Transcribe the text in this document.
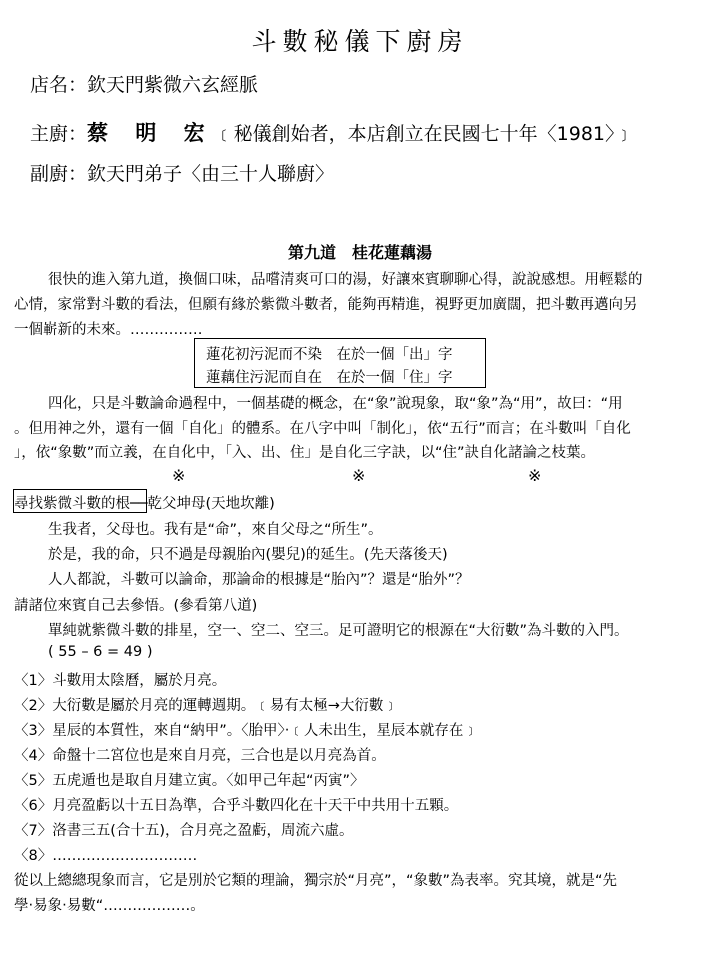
斗數秘儀下廚房
店名：欽天門紫微六玄經脈
主廚：蔡 明 宏﹝秘儀創始者，本店創立在民國七十年〈1981〉﹞
副廚：欽天門弟子〈由三十人聯廚〉
第九道　桂花蓮藕湯
很快的進入第九道，換個口味，品嚐清爽可口的湯，好讓來賓聊聊心得，說說感想。用輕鬆的
心情，家常對斗數的看法，但願有緣於紫微斗數者，能夠再精進，視野更加廣闊，把斗數再邁向另
一個嶄新的未來。……………
蓮花初污泥而不染　在於一個「出」字
蓮藕住污泥而自在　在於一個「住」字
四化，只是斗數論命過程中，一個基礎的概念，在“象”說現象，取“象”為“用”，故曰：“用
。但用神之外，還有一個「自化」的體系。在八字中叫「制化」，依“五行”而言；在斗數叫「自化
」，依“象數”而立義，在自化中，「入、出、住」是自化三字訣，以“住”訣自化諸論之枝葉。
※	※	※
尋找紫微斗數的根──乾父坤母(天地坎離)
生我者，父母也。我有是“命”，來自父母之“所生”。
於是，我的命，只不過是母親胎內(嬰兒)的延生。(先天落後天)
人人都說，斗數可以論命，那論命的根據是“胎內”？還是“胎外”？
請諸位來賓自己去參悟。(參看第八道)
單純就紫微斗數的排星，空一、空二、空三。足可證明它的根源在“大衍數”為斗數的入門。
( 55 – 6 = 49 )
〈1〉斗數用太陰曆，屬於月亮。
〈2〉大衍數是屬於月亮的運轉週期。﹝易有太極→大衍數﹞
〈3〉星辰的本質性，來自“納甲”。〈胎甲〉‧﹝人未出生，星辰本就存在﹞
〈4〉命盤十二宮位也是來自月亮，三合也是以月亮為首。
〈5〉五虎遁也是取自月建立寅。〈如甲己年起“丙寅”〉
〈6〉月亮盈虧以十五日為準，合乎斗數四化在十天干中共用十五顆。
〈7〉洛書三五(合十五)，合月亮之盈虧，周流六虛。
〈8〉…………………………
從以上總總現象而言，它是別於它類的理論，獨宗於“月亮”，“象數”為表率。究其境，就是“先
學‧易象‧易數“………………。
